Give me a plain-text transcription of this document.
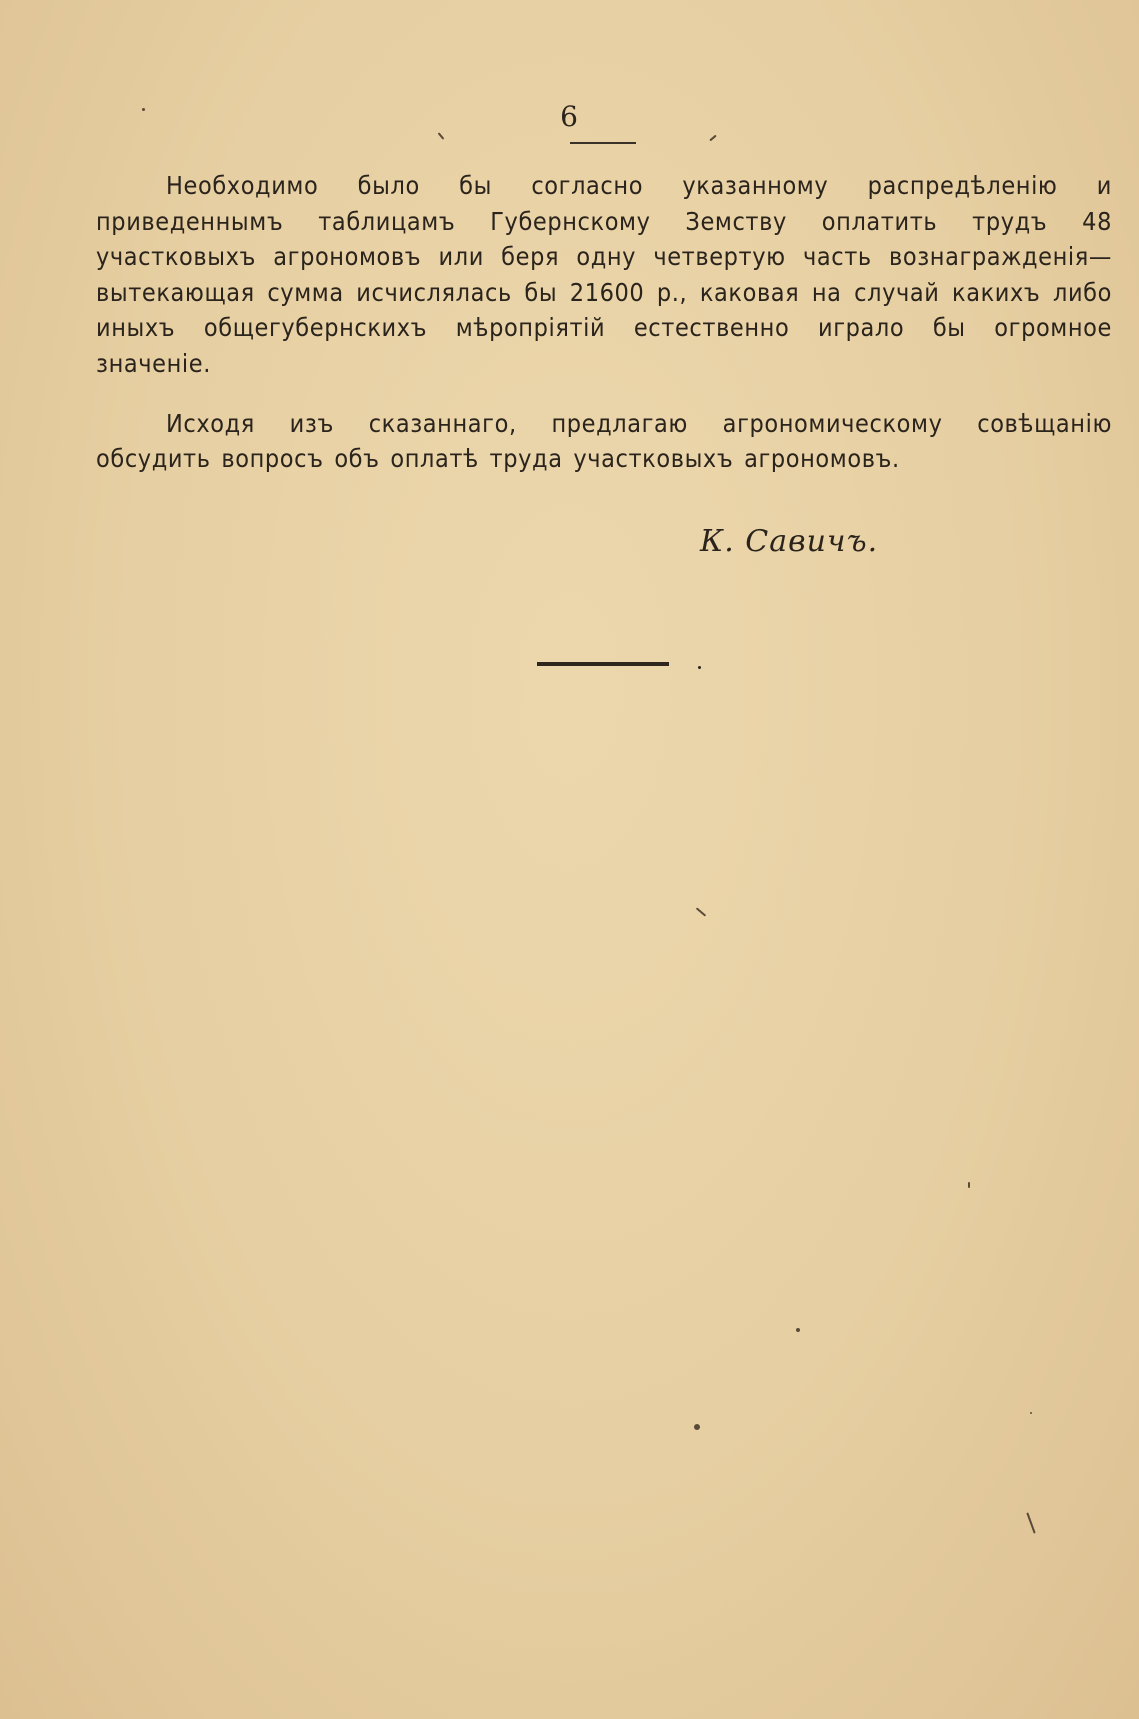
6

Необходимо было бы согласно указанному распредѣленію и приведеннымъ таблицамъ Губернскому Земству оплатить трудъ 48 участковыхъ агрономовъ или беря одну четвертую часть вознагражденія—вытекающая сумма исчислялась бы 21600 р., каковая на случай какихъ либо иныхъ общегубернскихъ мѣропріятій естественно играло бы огромное значеніе.

Исходя изъ сказаннаго, предлагаю агрономическому совѣщанію обсудить вопросъ объ оплатѣ труда участковыхъ агрономовъ.

К. Савичъ.
